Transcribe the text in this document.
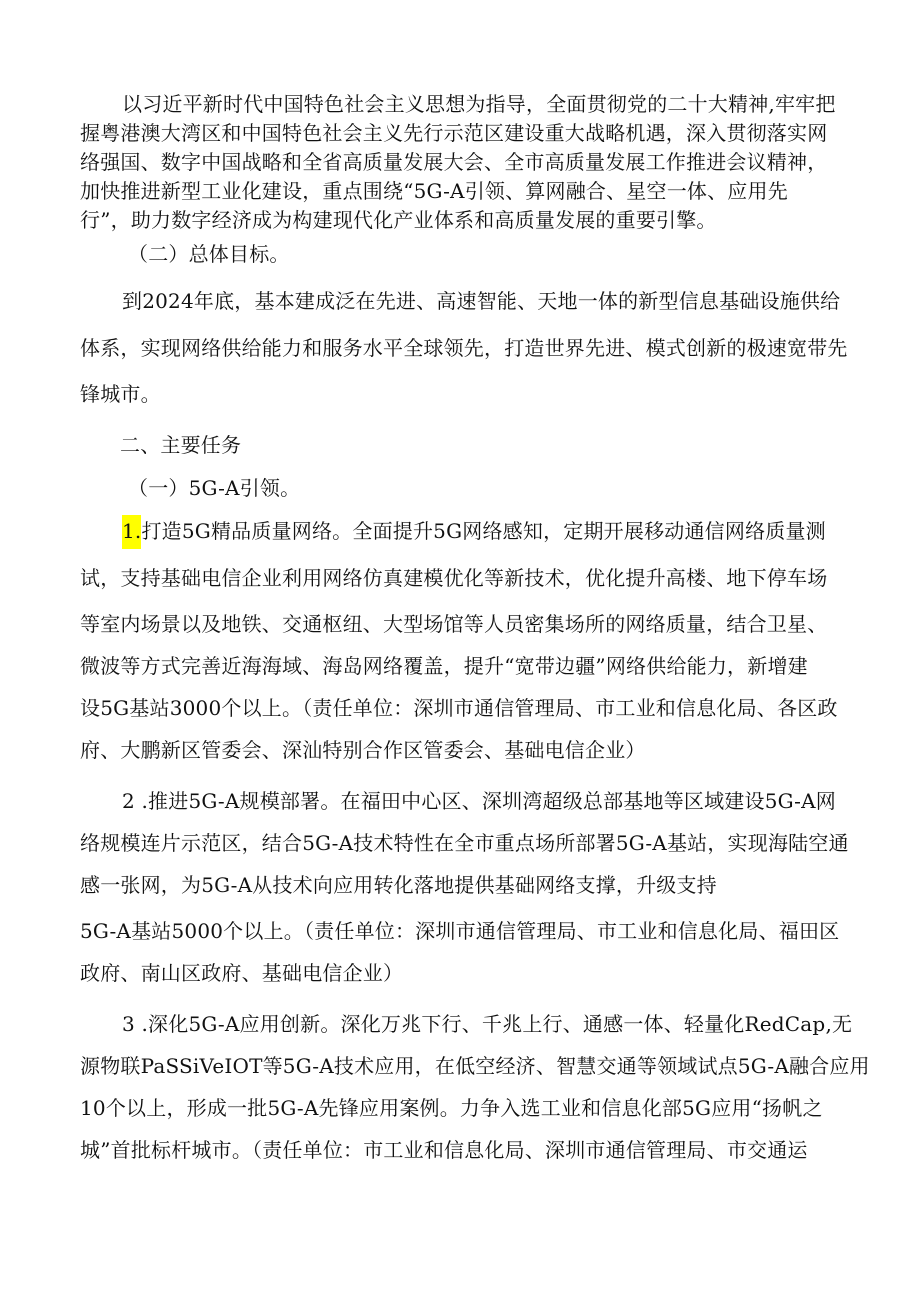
以习近平新时代中国特色社会主义思想为指导，全面贯彻党的二十大精神,牢牢把
握粤港澳大湾区和中国特色社会主义先行示范区建设重大战略机遇，深入贯彻落实网
络强国、数字中国战略和全省高质量发展大会、全市高质量发展工作推进会议精神，
加快推进新型工业化建设，重点围绕“5G-A引领、算网融合、星空一体、应用先
行”，助力数字经济成为构建现代化产业体系和高质量发展的重要引擎。
（二）总体目标。
到2024年底，基本建成泛在先进、高速智能、天地一体的新型信息基础设施供给
体系，实现网络供给能力和服务水平全球领先，打造世界先进、模式创新的极速宽带先
锋城市。
二、主要任务
（一）5G-A引领。
1.打造5G精品质量网络。全面提升5G网络感知，定期开展移动通信网络质量测
试，支持基础电信企业利用网络仿真建模优化等新技术，优化提升高楼、地下停车场
等室内场景以及地铁、交通枢纽、大型场馆等人员密集场所的网络质量，结合卫星、
微波等方式完善近海海域、海岛网络覆盖，提升“宽带边疆”网络供给能力，新增建
设5G基站3000个以上。（责任单位：深圳市通信管理局、市工业和信息化局、各区政
府、大鹏新区管委会、深汕特别合作区管委会、基础电信企业）
2 .推进5G-A规模部署。在福田中心区、深圳湾超级总部基地等区域建设5G-A网
络规模连片示范区，结合5G-A技术特性在全市重点场所部署5G-A基站，实现海陆空通
感一张网，为5G-A从技术向应用转化落地提供基础网络支撑，升级支持
5G-A基站5000个以上。（责任单位：深圳市通信管理局、市工业和信息化局、福田区
政府、南山区政府、基础电信企业）
3 .深化5G-A应用创新。深化万兆下行、千兆上行、通感一体、轻量化RedCap,无
源物联PaSSiVeIOT等5G-A技术应用，在低空经济、智慧交通等领域试点5G-A融合应用
10个以上，形成一批5G-A先锋应用案例。力争入选工业和信息化部5G应用“扬帆之
城”首批标杆城市。（责任单位：市工业和信息化局、深圳市通信管理局、市交通运
